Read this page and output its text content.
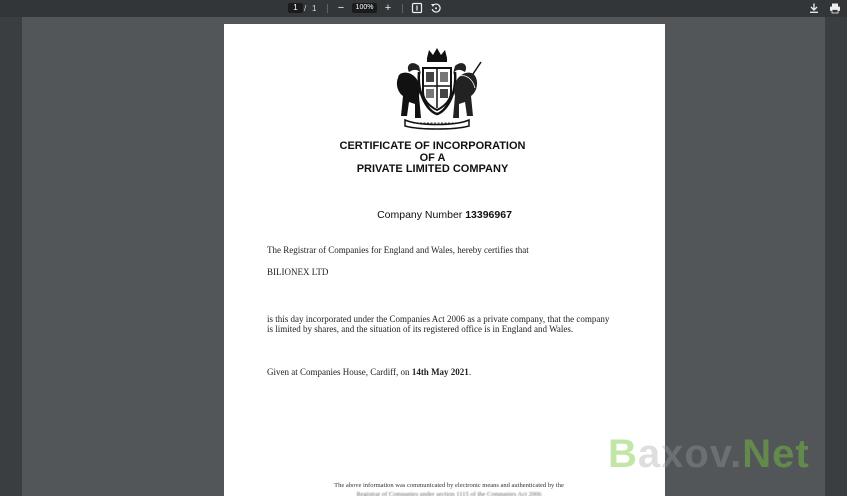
1 / 1 −	100%	+
CERTIFICATE OF INCORPORATION
OF A
PRIVATE LIMITED COMPANY
Company Number 13396967
The Registrar of Companies for England and Wales, hereby certifies that
BILIONEX LTD
is this day incorporated under the Companies Act 2006 as a private company, that the company is limited by shares, and the situation of its registered office is in England and Wales.
Given at Companies House, Cardiff, on 14th May 2021.
The above information was communicated by electronic means and authenticated by the
Registrar of Companies under section 1115 of the Companies Act 2006
Baxov.Net
